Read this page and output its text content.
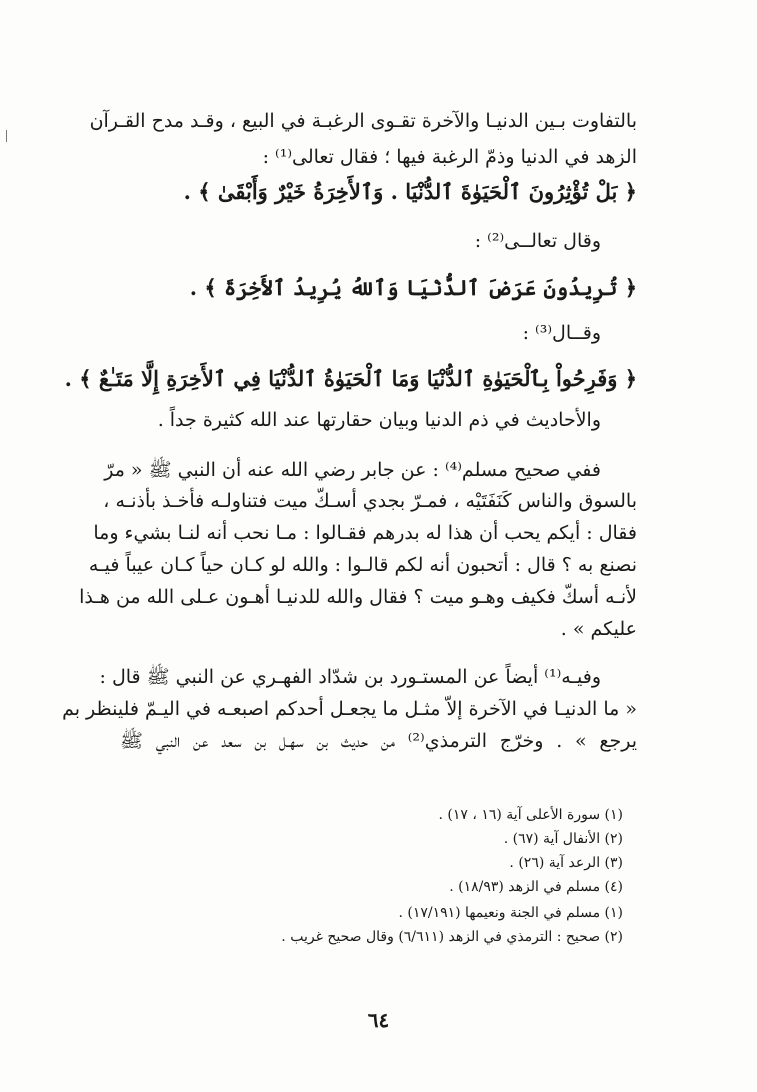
بالتفاوت بـين الدنيـا والآخرة تقـوى الرغبـة في البيع ، وقـد مدح القـرآن
الزهد في الدنيا وذمّ الرغبة فيها ؛ فقال تعالى⁽¹⁾ :
﴿ بَلْ تُؤْثِرُونَ ٱلْحَيَوٰةَ ٱلدُّنْيَا . وَٱلأَخِرَةُ خَيْرٌ وَأَبْقَىٰ ﴾ .
وقال تعالــى⁽²⁾ :
﴿ تُرِيدُونَ عَرَضَ ٱلدُّنْيَا وَٱللهُ يُرِيدُ ٱلأَخِرَةَ ﴾ .
وقــال⁽³⁾ :
﴿ وَفَرِحُواْ بِٱلْحَيَوٰةِ ٱلدُّنْيَا وَمَا ٱلْحَيَوٰةُ ٱلدُّنْيَا فِي ٱلأَخِرَةِ إِلَّا مَتَـٰعٌ ﴾ .
والأحاديث في ذم الدنيا وبيان حقارتها عند الله كثيرة جداً .
ففي صحيح مسلم⁽⁴⁾ : عن جابر رضي الله عنه أن النبي ﷺ « مرّ
بالسوق والناس كَنَفَتَيْه ، فمـرّ بجدي أسـكّ ميت فتناولـه فأخـذ بأذنـه ،
فقال : أيكم يحب أن هذا له بدرهم فقـالوا : مـا نحب أنه لنـا بشيء وما
نصنع به ؟ قال : أتحبون أنه لكم قالـوا : والله لو كـان حياً كـان عيباً فيـه
لأنـه أسكّ فكيف وهـو ميت ؟ فقال والله للدنيـا أهـون عـلى الله من هـذا
عليكم » .
وفيـه⁽¹⁾ أيضاً عن المستـورد بن شدّاد الفهـري عن النبي ﷺ قال :
« ما الدنيـا في الآخرة إلاّ مثـل ما يجعـل أحدكم اصبعـه في اليـمّ فلينظر بم
يرجع » . وخرّج الترمذي⁽²⁾ من حديث بن سهـل بن سعد عن النبي ﷺ
(١) سورة الأعلى آية (١٦ ، ١٧) .
(٢) الأنفال آية (٦٧) .
(٣) الرعد آية (٢٦) .
(٤) مسلم في الزهد (١٨/٩٣) .
(١) مسلم في الجنة ونعيمها (١٧/١٩١) .
(٢) صحيح : الترمذي في الزهد (٦/٦١١) وقال صحيح غريب .
٦٤
